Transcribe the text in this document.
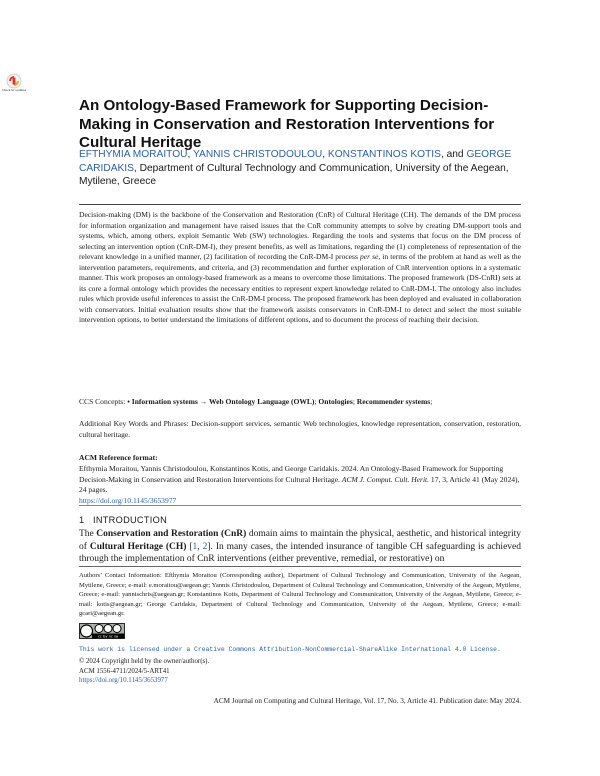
Check for updates
An Ontology-Based Framework for Supporting Decision-Making in Conservation and Restoration Interventions for Cultural Heritage
EFTHYMIA MORAITOU, YANNIS CHRISTODOULOU, KONSTANTINOS KOTIS, and GEORGE CARIDAKIS, Department of Cultural Technology and Communication, University of the Aegean, Mytilene, Greece

Decision-making (DM) is the backbone of the Conservation and Restoration (CnR) of Cultural Heritage (CH). The demands of the DM process for information organization and management have raised issues that the CnR community attempts to solve by creating DM-support tools and systems, which, among others, exploit Semantic Web (SW) technologies. Regarding the tools and systems that focus on the DM process of selecting an intervention option (CnR-DM-I), they present benefits, as well as limitations, regarding the (1) completeness of representation of the relevant knowledge in a unified manner, (2) facilitation of recording the CnR-DM-I process per se, in terms of the problem at hand as well as the intervention parameters, requirements, and criteria, and (3) recommendation and further exploration of CnR intervention options in a systematic manner. This work proposes an ontology-based framework as a means to overcome those limitations. The proposed framework (DS-CnRI) sets at its core a formal ontology which provides the necessary entities to represent expert knowledge related to CnR-DM-I. The ontology also includes rules which provide useful inferences to assist the CnR-DM-I process. The proposed framework has been deployed and evaluated in collaboration with conservators. Initial evaluation results show that the framework assists conservators in CnR-DM-I to detect and select the most suitable intervention options, to better understand the limitations of different options, and to document the process of reaching their decision.

CCS Concepts: • Information systems → Web Ontology Language (OWL); Ontologies; Recommender systems;
Additional Key Words and Phrases: Decision-support services, semantic Web technologies, knowledge representation, conservation, restoration, cultural heritage.
ACM Reference format:
Efthymia Moraitou, Yannis Christodoulou, Konstantinos Kotis, and George Caridakis. 2024. An Ontology-Based Framework for Supporting Decision-Making in Conservation and Restoration Interventions for Cultural Heritage. ACM J. Comput. Cult. Herit. 17, 3, Article 41 (May 2024), 24 pages.
https://doi.org/10.1145/3653977
1 INTRODUCTION
The Conservation and Restoration (CnR) domain aims to maintain the physical, aesthetic, and historical integrity of Cultural Heritage (CH) [1, 2]. In many cases, the intended insurance of tangible CH safeguarding is achieved through the implementation of CnR interventions (either preventive, remedial, or restorative) on
Authors’ Contact Information: Efthymia Moraitou (Corresponding author), Department of Cultural Technology and Communication, University of the Aegean, Mytilene, Greece; e-mail: e.moraitou@aegean.gr; Yannis Christodoulou, Department of Cultural Technology and Communication, University of the Aegean, Mytilene, Greece; e-mail: yannischris@aegean.gr; Konstantinos Kotis, Department of Cultural Technology and Communication, University of the Aegean, Mytilene, Greece; e-mail: kotis@aegean.gr; George Caridakis, Department of Cultural Technology and Communication, University of the Aegean, Mytilene, Greece; e-mail: gcari@aegean.gr.
cc by nc sa
This work is licensed under a Creative Commons Attribution-NonCommercial-ShareAlike International 4.0 License.
© 2024 Copyright held by the owner/author(s).
ACM 1556-4711/2024/5-ART41
https://doi.org/10.1145/3653977
ACM Journal on Computing and Cultural Heritage, Vol. 17, No. 3, Article 41. Publication date: May 2024.
